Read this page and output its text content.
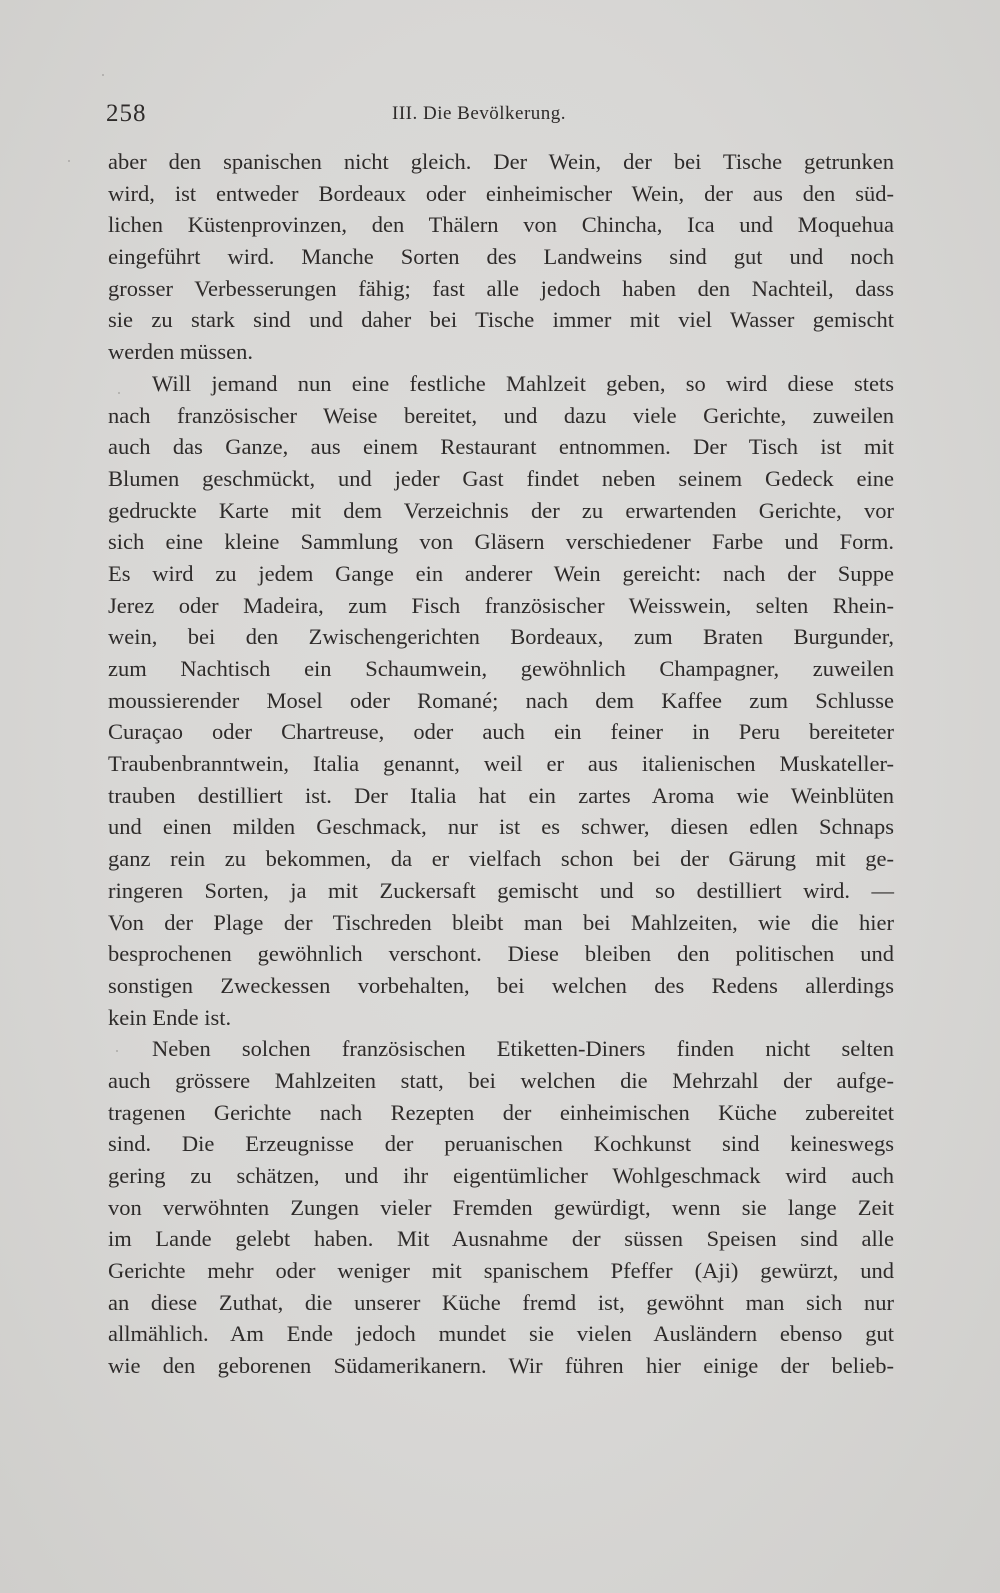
258	III. Die Bevölkerung.
aber den spanischen nicht gleich. Der Wein, der bei Tische getrunken
wird, ist entweder Bordeaux oder einheimischer Wein, der aus den süd-
lichen Küstenprovinzen, den Thälern von Chincha, Ica und Moquehua
eingeführt wird. Manche Sorten des Landweins sind gut und noch
grosser Verbesserungen fähig; fast alle jedoch haben den Nachteil, dass
sie zu stark sind und daher bei Tische immer mit viel Wasser gemischt
werden müssen.
Will jemand nun eine festliche Mahlzeit geben, so wird diese stets
nach französischer Weise bereitet, und dazu viele Gerichte, zuweilen
auch das Ganze, aus einem Restaurant entnommen. Der Tisch ist mit
Blumen geschmückt, und jeder Gast findet neben seinem Gedeck eine
gedruckte Karte mit dem Verzeichnis der zu erwartenden Gerichte, vor
sich eine kleine Sammlung von Gläsern verschiedener Farbe und Form.
Es wird zu jedem Gange ein anderer Wein gereicht: nach der Suppe
Jerez oder Madeira, zum Fisch französischer Weisswein, selten Rhein-
wein, bei den Zwischengerichten Bordeaux, zum Braten Burgunder,
zum Nachtisch ein Schaumwein, gewöhnlich Champagner, zuweilen
moussierender Mosel oder Romané; nach dem Kaffee zum Schlusse
Curaçao oder Chartreuse, oder auch ein feiner in Peru bereiteter
Traubenbranntwein, Italia genannt, weil er aus italienischen Muskateller-
trauben destilliert ist. Der Italia hat ein zartes Aroma wie Weinblüten
und einen milden Geschmack, nur ist es schwer, diesen edlen Schnaps
ganz rein zu bekommen, da er vielfach schon bei der Gärung mit ge-
ringeren Sorten, ja mit Zuckersaft gemischt und so destilliert wird. —
Von der Plage der Tischreden bleibt man bei Mahlzeiten, wie die hier
besprochenen gewöhnlich verschont. Diese bleiben den politischen und
sonstigen Zweckessen vorbehalten, bei welchen des Redens allerdings
kein Ende ist.
Neben solchen französischen Etiketten-Diners finden nicht selten
auch grössere Mahlzeiten statt, bei welchen die Mehrzahl der aufge-
tragenen Gerichte nach Rezepten der einheimischen Küche zubereitet
sind. Die Erzeugnisse der peruanischen Kochkunst sind keineswegs
gering zu schätzen, und ihr eigentümlicher Wohlgeschmack wird auch
von verwöhnten Zungen vieler Fremden gewürdigt, wenn sie lange Zeit
im Lande gelebt haben. Mit Ausnahme der süssen Speisen sind alle
Gerichte mehr oder weniger mit spanischem Pfeffer (Aji) gewürzt, und
an diese Zuthat, die unserer Küche fremd ist, gewöhnt man sich nur
allmählich. Am Ende jedoch mundet sie vielen Ausländern ebenso gut
wie den geborenen Südamerikanern. Wir führen hier einige der belieb-
